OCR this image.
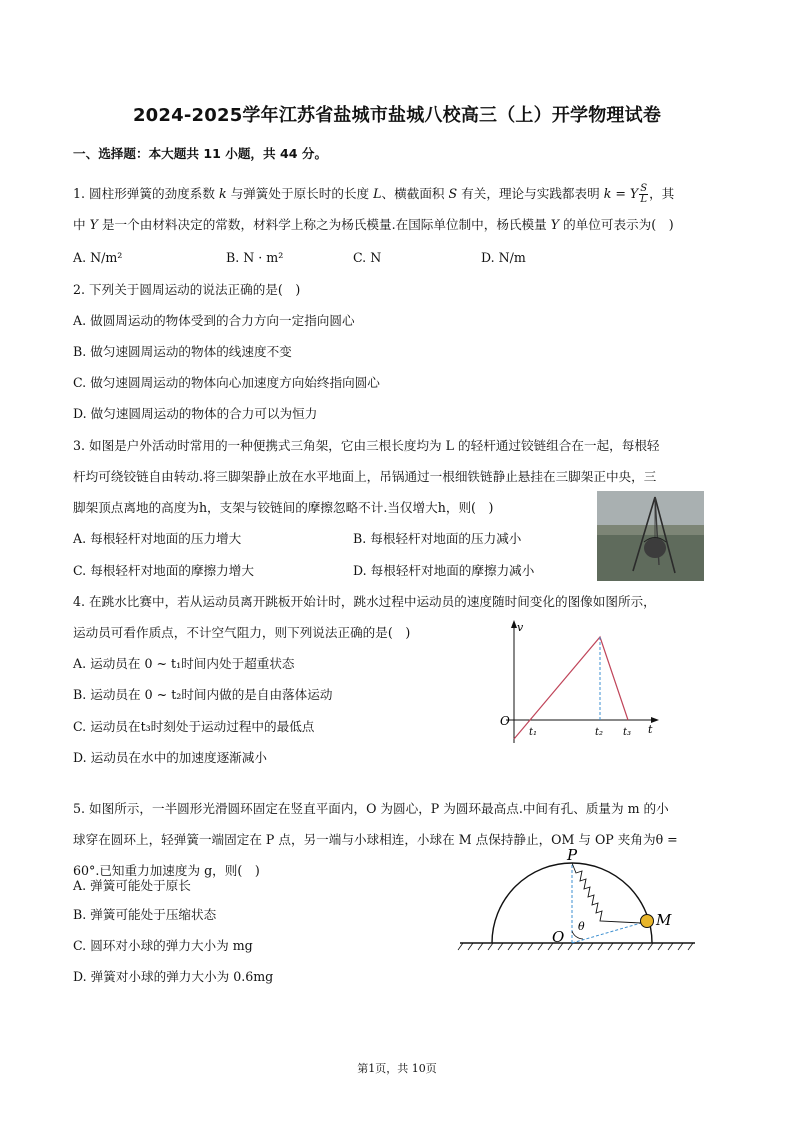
2024-2025学年江苏省盐城市盐城八校高三（上）开学物理试卷
一、选择题：本大题共 11 小题，共 44 分。
1. 圆柱形弹簧的劲度系数 k 与弹簧处于原长时的长度 L、横截面积 S 有关，理论与实践都表明 k = Y $\frac{S}{L}$ ，其
中 Y 是一个由材料决定的常数，材料学上称之为杨氏模量.在国际单位制中，杨氏模量 Y 的单位可表示为(　)
A. N/m²	B. N · m²	C. N	D. N/m
2. 下列关于圆周运动的说法正确的是(　)
A. 做圆周运动的物体受到的合力方向一定指向圆心
B. 做匀速圆周运动的物体的线速度不变
C. 做匀速圆周运动的物体向心加速度方向始终指向圆心
D. 做匀速圆周运动的物体的合力可以为恒力
3. 如图是户外活动时常用的一种便携式三角架，它由三根长度均为 L 的轻杆通过铰链组合在一起，每根轻
杆均可绕铰链自由转动.将三脚架静止放在水平地面上，吊锅通过一根细铁链静止悬挂在三脚架正中央，三
脚架顶点离地的高度为h，支架与铰链间的摩擦忽略不计.当仅增大h，则(　)
A. 每根轻杆对地面的压力增大	B. 每根轻杆对地面的压力减小
C. 每根轻杆对地面的摩擦力增大	D. 每根轻杆对地面的摩擦力减小
4. 在跳水比赛中，若从运动员离开跳板开始计时，跳水过程中运动员的速度随时间变化的图像如图所示，
运动员可看作质点，不计空气阻力，则下列说法正确的是(　)
A. 运动员在 0 ~ t₁时间内处于超重状态
B. 运动员在 0 ~ t₂时间内做的是自由落体运动
C. 运动员在t₃时刻处于运动过程中的最低点
D. 运动员在水中的加速度逐渐减小
v
O
t₁	t₂ t₃ t
5. 如图所示，一半圆形光滑圆环固定在竖直平面内，O 为圆心，P 为圆环最高点.中间有孔、质量为 m 的小
球穿在圆环上，轻弹簧一端固定在 P 点，另一端与小球相连，小球在 M 点保持静止，OM 与 OP 夹角为θ =
60°.已知重力加速度为 g，则(　)
A. 弹簧可能处于原长
B. 弹簧可能处于压缩状态
C. 圆环对小球的弹力大小为 mg
D. 弹簧对小球的弹力大小为 0.6mg
P
O
M
θ
第1页，共 10页
